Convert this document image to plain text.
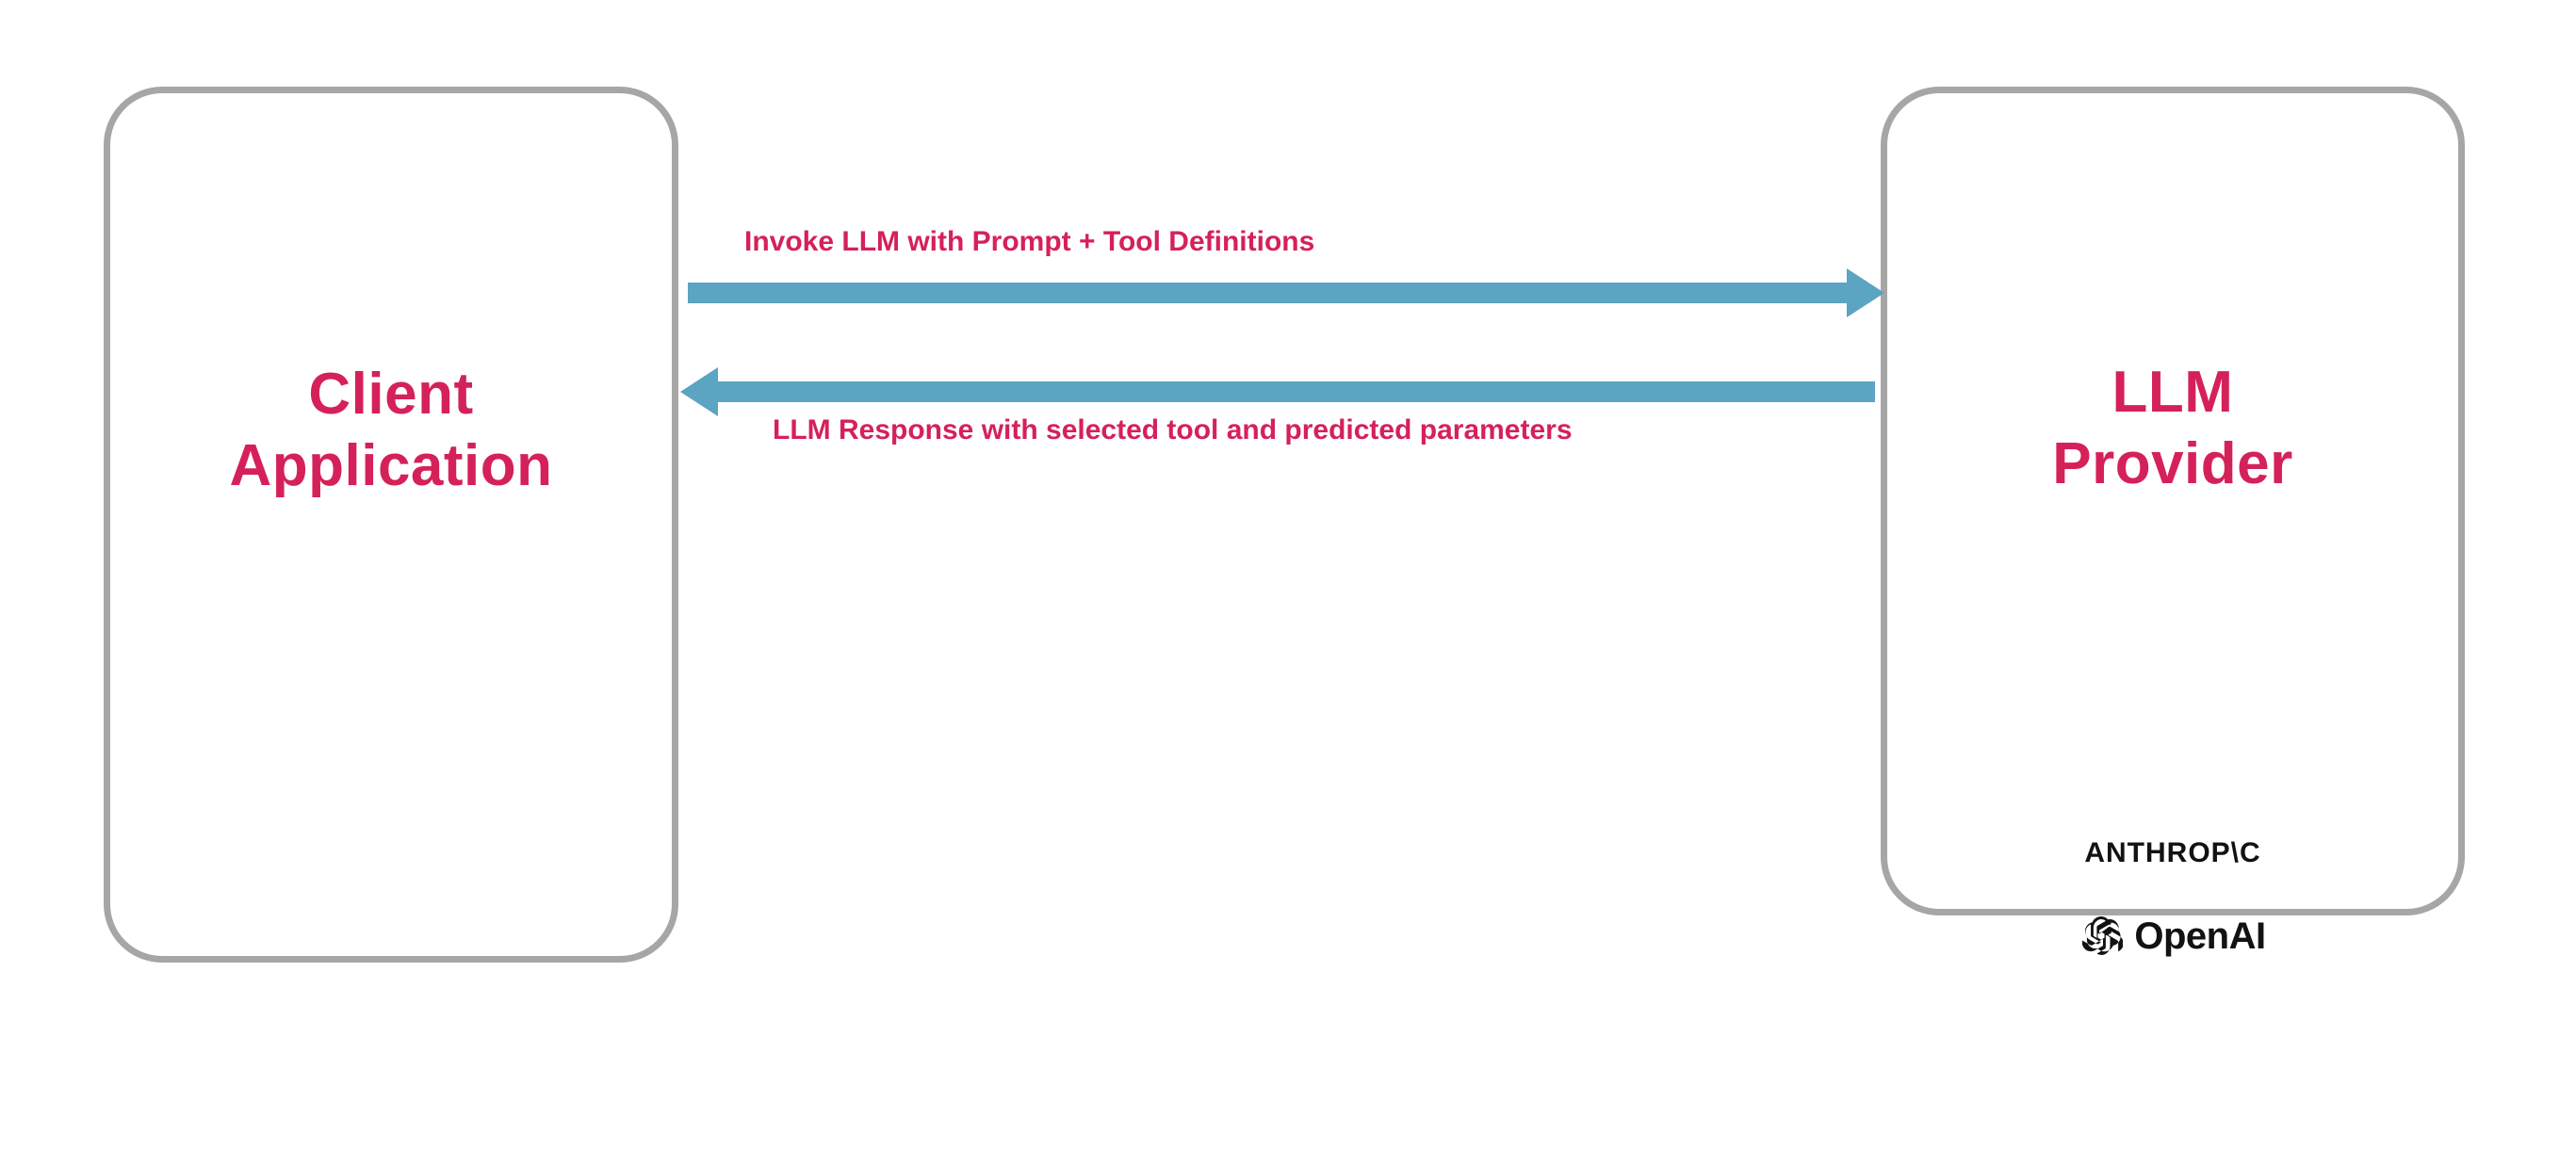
Client
Application
LLM
Provider
ANTHROP\C
OpenAI
Invoke LLM with Prompt + Tool Definitions
LLM Response with selected tool and predicted parameters
